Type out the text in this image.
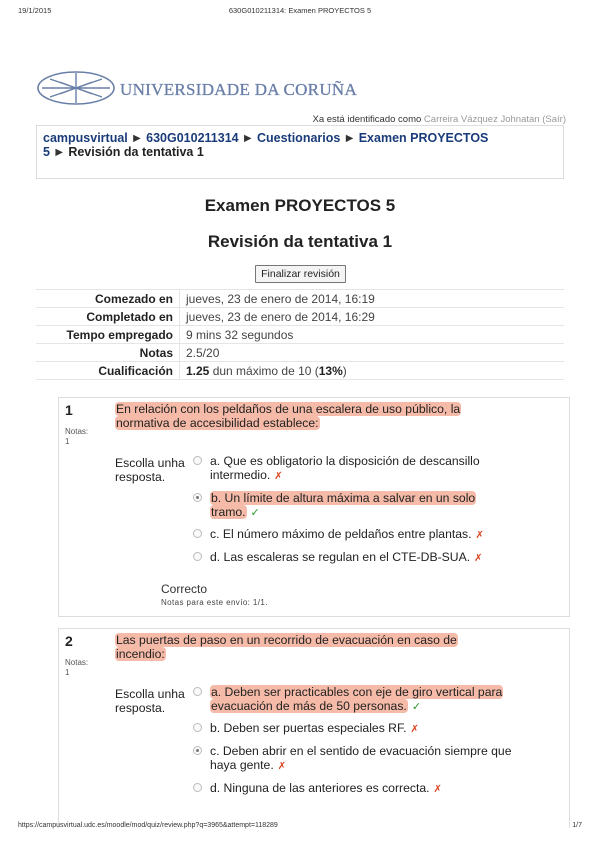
19/1/2015	630G010211314: Examen PROYECTOS 5
UNIVERSIDADE DA CORUÑA
Xa está identificado como Carreira Vázquez Johnatan (Saír)
campusvirtual ► 630G010211314 ► Cuestionarios ► Examen PROYECTOS 5 ► Revisión da tentativa 1
Examen PROYECTOS 5
Revisión da tentativa 1
Finalizar revisión
Comezado en	jueves, 23 de enero de 2014, 16:19
Completado en	jueves, 23 de enero de 2014, 16:29
Tempo empregado	9 mins 32 segundos
Notas	2.5/20
Cualificación	1.25 dun máximo de 10 (13%)
1
Notas:
1
En relación con los peldaños de una escalera de uso público, la normativa de accesibilidad establece:
Escolla unha resposta.
a. Que es obligatorio la disposición de descansillo intermedio. ✗
b. Un límite de altura máxima a salvar en un solo tramo. ✓
c. El número máximo de peldaños entre plantas. ✗
d. Las escaleras se regulan en el CTE-DB-SUA. ✗
Correcto
Notas para este envío: 1/1.
2
Notas:
1
Las puertas de paso en un recorrido de evacuación en caso de incendio:
Escolla unha resposta.
a. Deben ser practicables con eje de giro vertical para evacuación de más de 50 personas. ✓
b. Deben ser puertas especiales RF. ✗
c. Deben abrir en el sentido de evacuación siempre que haya gente. ✗
d. Ninguna de las anteriores es correcta. ✗
https://campusvirtual.udc.es/moodle/mod/quiz/review.php?q=3965&attempt=118289	1/7
